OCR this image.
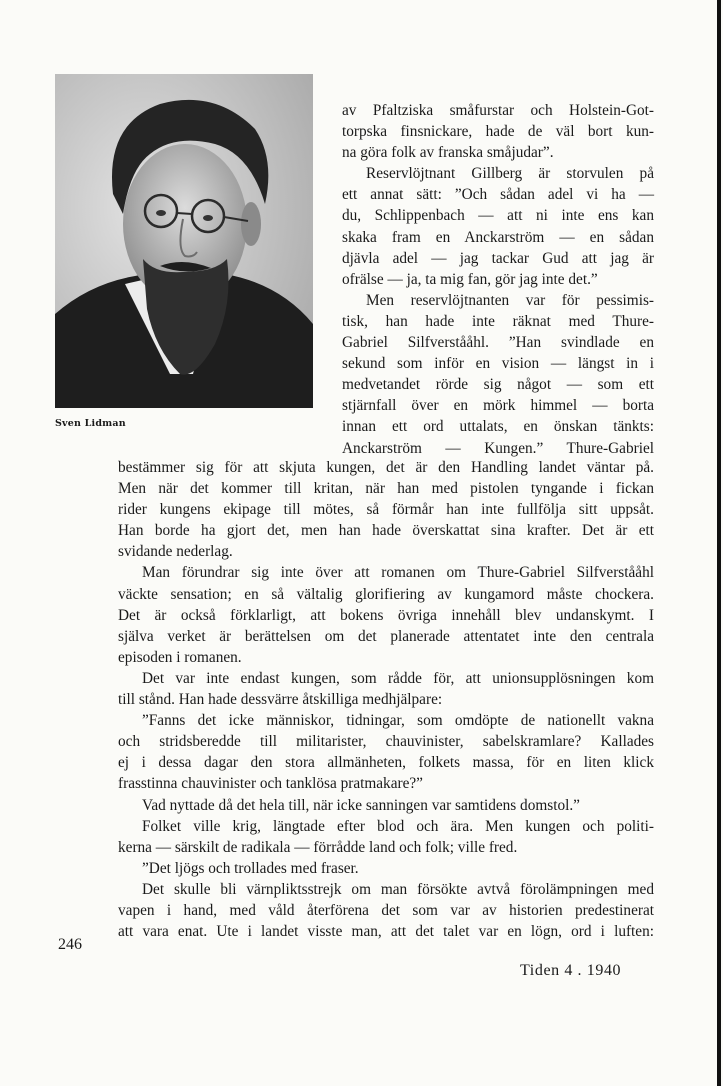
Sven Lidman
av Pfaltziska småfurstar och Holstein-Got-
torpska finsnickare, hade de väl bort kun-
na göra folk av franska småjudar”.
Reservlöjtnant Gillberg är storvulen på
ett annat sätt: ”Och sådan adel vi ha —
du, Schlippenbach — att ni inte ens kan
skaka fram en Anckarström — en sådan
djävla adel — jag tackar Gud att jag är
ofrälse — ja, ta mig fan, gör jag inte det.”
Men reservlöjtnanten var för pessimis-
tisk, han hade inte räknat med Thure-
Gabriel Silfverstååhl. ”Han svindlade en
sekund som inför en vision — längst in i
medvetandet rörde sig något — som ett
stjärnfall över en mörk himmel — borta
innan ett ord uttalats, en önskan tänkts:
Anckarström — Kungen.” Thure-Gabriel
bestämmer sig för att skjuta kungen, det är den Handling landet väntar på.
Men när det kommer till kritan, när han med pistolen tyngande i fickan
rider kungens ekipage till mötes, så förmår han inte fullfölja sitt uppsåt.
Han borde ha gjort det, men han hade överskattat sina krafter. Det är ett
svidande nederlag.
Man förundrar sig inte över att romanen om Thure-Gabriel Silfverstååhl
väckte sensation; en så vältalig glorifiering av kungamord måste chockera.
Det är också förklarligt, att bokens övriga innehåll blev undanskymt. I
själva verket är berättelsen om det planerade attentatet inte den centrala
episoden i romanen.
Det var inte endast kungen, som rådde för, att unionsupplösningen kom
till stånd. Han hade dessvärre åtskilliga medhjälpare:
”Fanns det icke människor, tidningar, som omdöpte de nationellt vakna
och stridsberedde till militarister, chauvinister, sabelskramlare? Kallades
ej i dessa dagar den stora allmänheten, folkets massa, för en liten klick
frasstinna chauvinister och tanklösa pratmakare?”
Vad nyttade då det hela till, när icke sanningen var samtidens domstol.”
Folket ville krig, längtade efter blod och ära. Men kungen och politi-
kerna — särskilt de radikala — förrådde land och folk; ville fred.
”Det ljögs och trollades med fraser.
Det skulle bli värnpliktsstrejk om man försökte avtvå förolämpningen med
vapen i hand, med våld återförena det som var av historien predestinerat
att vara enat. Ute i landet visste man, att det talet var en lögn, ord i luften:
246
Tiden 4 . 1940
